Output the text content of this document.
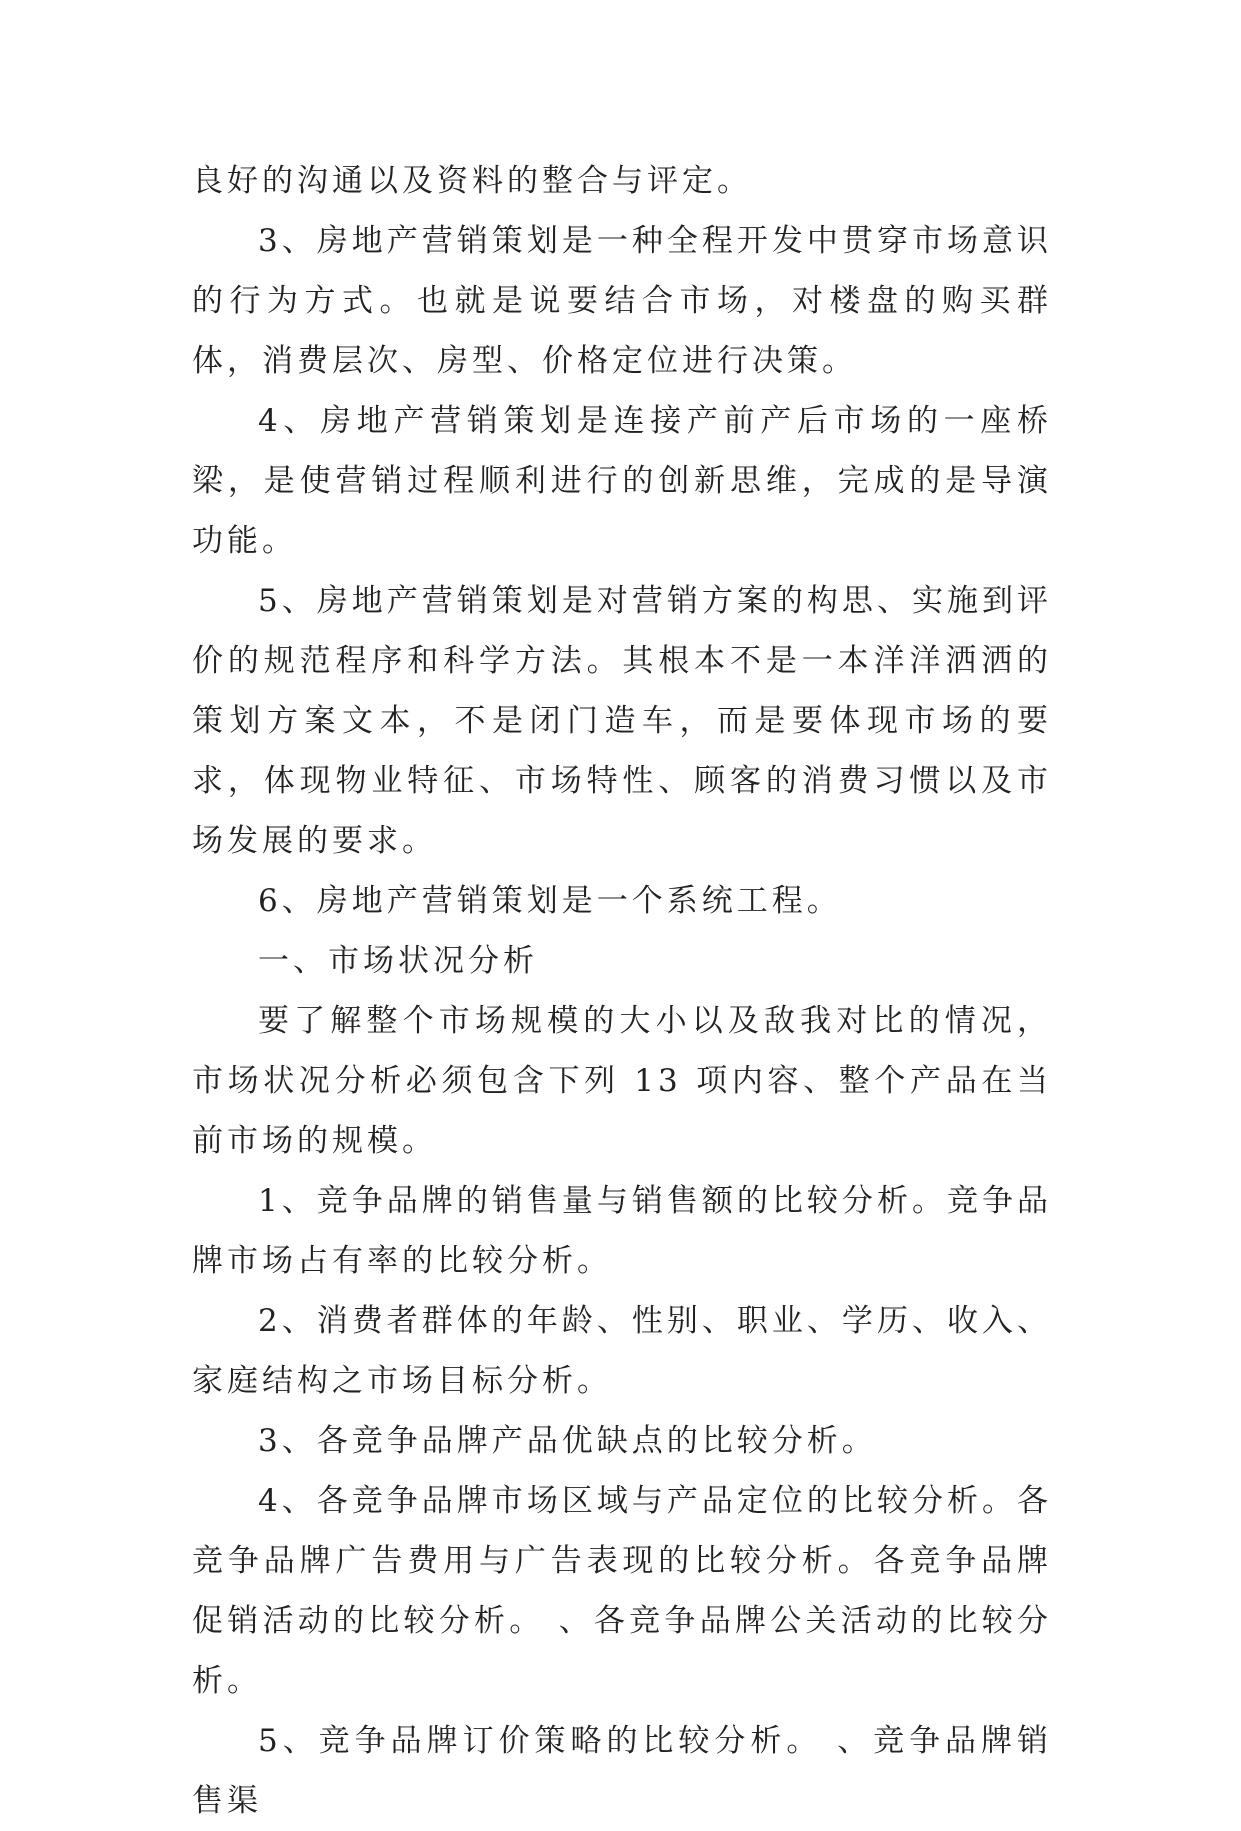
良好的沟通以及资料的整合与评定。

3、房地产营销策划是一种全程开发中贯穿市场意识的行为方式。也就是说要结合市场，对楼盘的购买群体，消费层次、房型、价格定位进行决策。

4、房地产营销策划是连接产前产后市场的一座桥梁，是使营销过程顺利进行的创新思维，完成的是导演功能。

5、房地产营销策划是对营销方案的构思、实施到评价的规范程序和科学方法。其根本不是一本洋洋洒洒的策划方案文本，不是闭门造车，而是要体现市场的要求，体现物业特征、市场特性、顾客的消费习惯以及市场发展的要求。

6、房地产营销策划是一个系统工程。

一、市场状况分析

要了解整个市场规模的大小以及敌我对比的情况，市场状况分析必须包含下列 13 项内容、整个产品在当前市场的规模。

1、竞争品牌的销售量与销售额的比较分析。竞争品牌市场占有率的比较分析。

2、消费者群体的年龄、性别、职业、学历、收入、家庭结构之市场目标分析。

3、各竞争品牌产品优缺点的比较分析。

4、各竞争品牌市场区域与产品定位的比较分析。各竞争品牌广告费用与广告表现的比较分析。各竞争品牌促销活动的比较分析。 、各竞争品牌公关活动的比较分析。

5、竞争品牌订价策略的比较分析。 、竞争品牌销售渠
